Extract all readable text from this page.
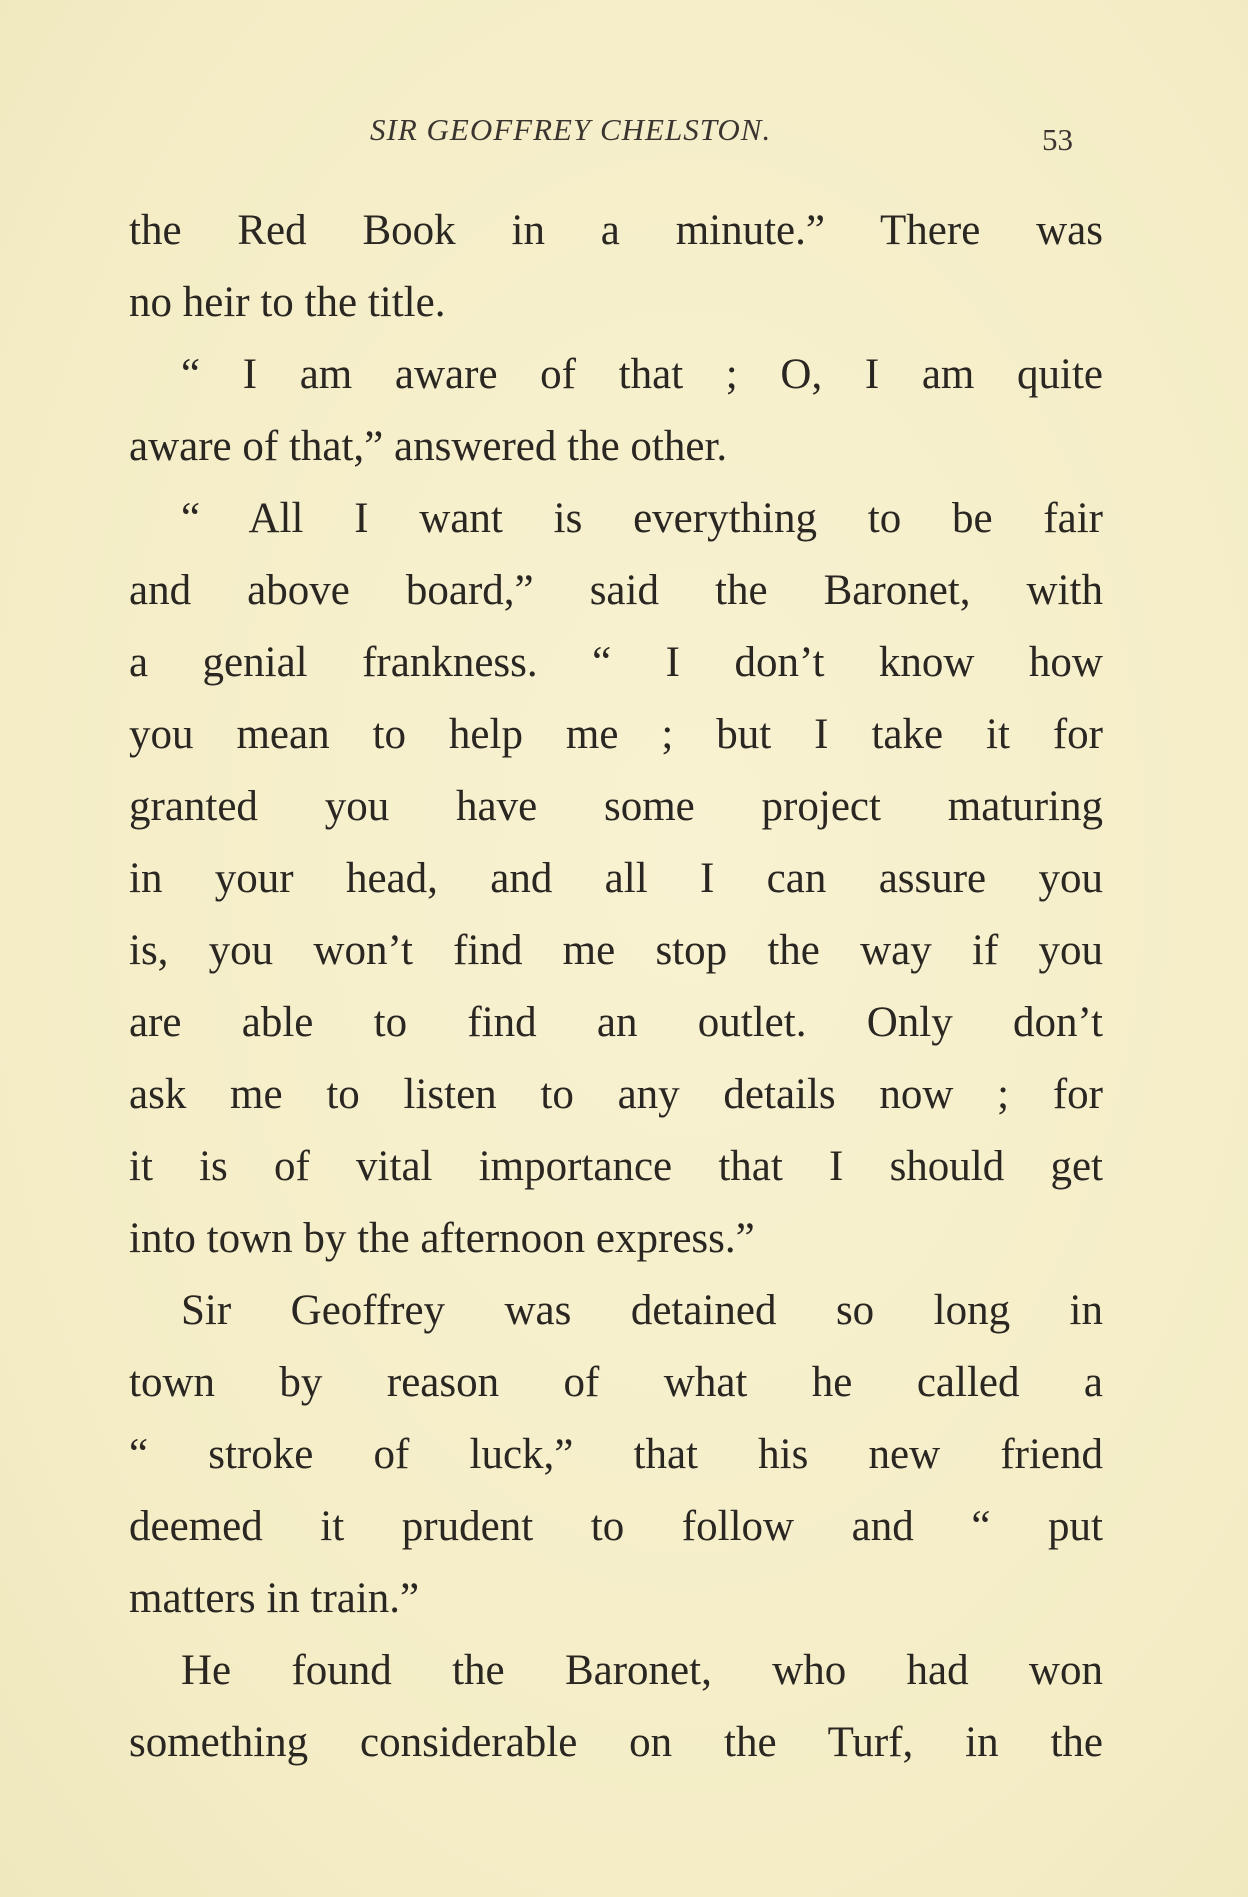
SIR GEOFFREY CHELSTON.	53
the Red Book in a minute.” There was
no heir to the title.
“ I am aware of that ; O, I am quite
aware of that,” answered the other.
“ All I want is everything to be fair
and above board,” said the Baronet, with
a genial frankness. “ I don’t know how
you mean to help me ; but I take it for
granted you have some project maturing
in your head, and all I can assure you
is, you won’t find me stop the way if you
are able to find an outlet. Only don’t
ask me to listen to any details now ; for
it is of vital importance that I should get
into town by the afternoon express.”
Sir Geoffrey was detained so long in
town by reason of what he called a
“ stroke of luck,” that his new friend
deemed it prudent to follow and “ put
matters in train.”
He found the Baronet, who had won
something considerable on the Turf, in the
